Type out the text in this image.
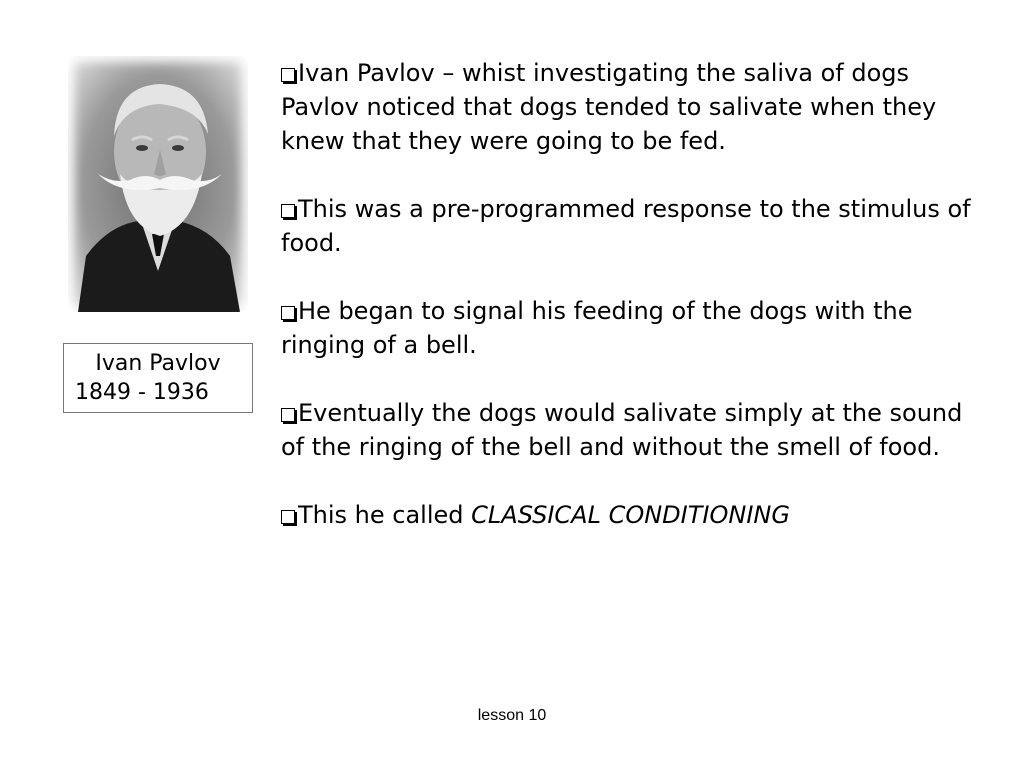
Ivan Pavlov
1849 - 1936
Ivan Pavlov – whist investigating the saliva of dogs Pavlov noticed that dogs tended to salivate when they knew that they were going to be fed.
This was a pre-programmed response to the stimulus of food.
He began to signal his feeding of the dogs with the ringing of a bell.
Eventually the dogs would salivate simply at the sound of the ringing of the bell and without the smell of food.
This he called CLASSICAL CONDITIONING
lesson 10
